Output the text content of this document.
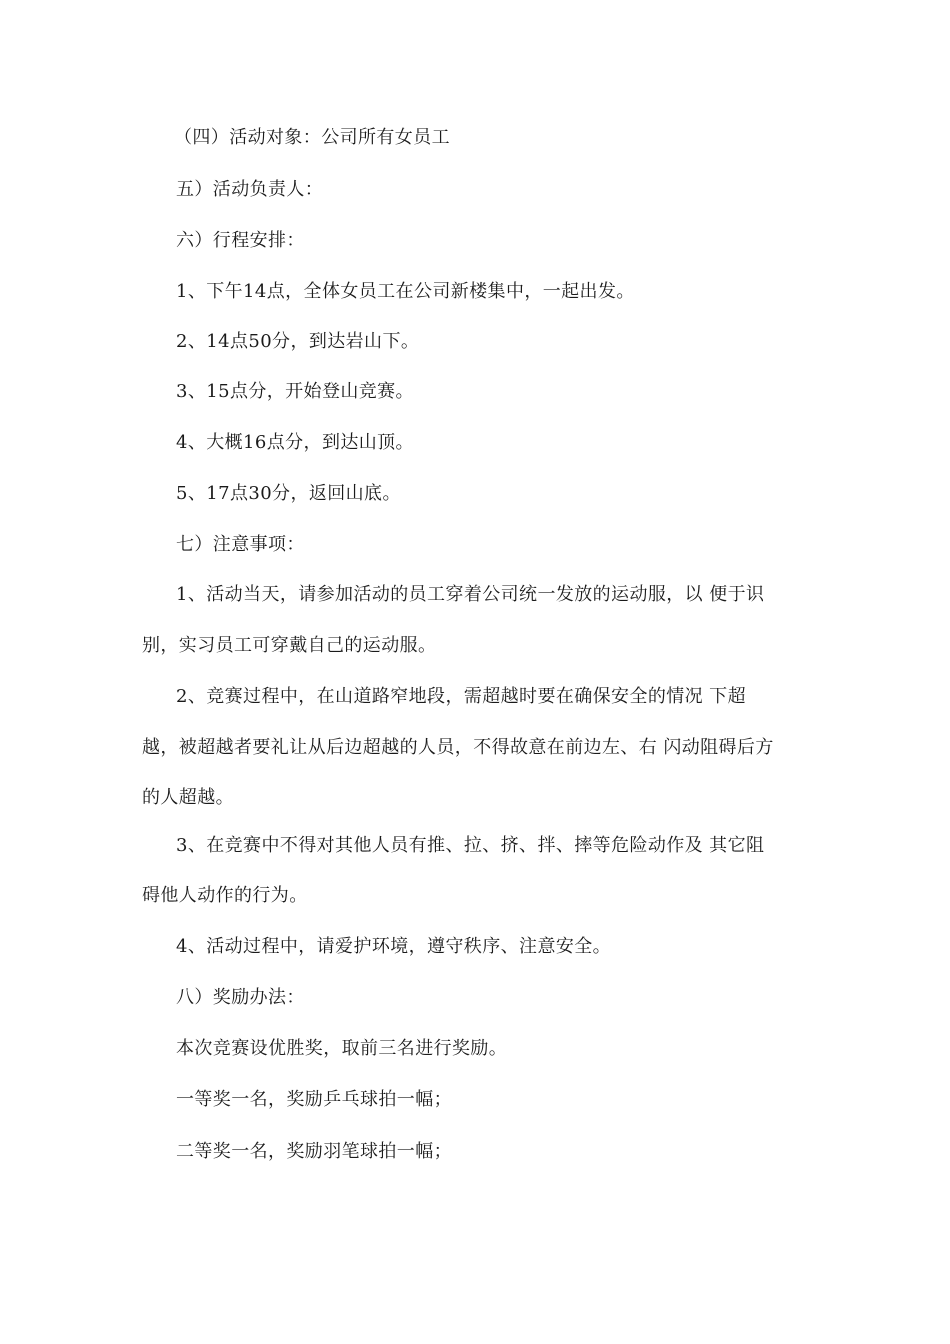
（四）活动对象：公司所有女员工
五）活动负责人：
六）行程安排：
1、下午14点，全体女员工在公司新楼集中，一起出发。
2、14点50分，到达岩山下。
3、15点分，开始登山竞赛。
4、大概16点分，到达山顶。
5、17点30分，返回山底。
七）注意事项：
1、活动当天，请参加活动的员工穿着公司统一发放的运动服，以 便于识
别，实习员工可穿戴自己的运动服。
2、竞赛过程中，在山道路窄地段，需超越时要在确保安全的情况 下超
越，被超越者要礼让从后边超越的人员，不得故意在前边左、右 闪动阻碍后方
的人超越。
3、在竞赛中不得对其他人员有推、拉、挤、拌、摔等危险动作及 其它阻
碍他人动作的行为。
4、活动过程中，请爱护环境，遵守秩序、注意安全。
八）奖励办法：
本次竞赛设优胜奖，取前三名进行奖励。
一等奖一名，奖励乒乓球拍一幅；
二等奖一名，奖励羽笔球拍一幅；
